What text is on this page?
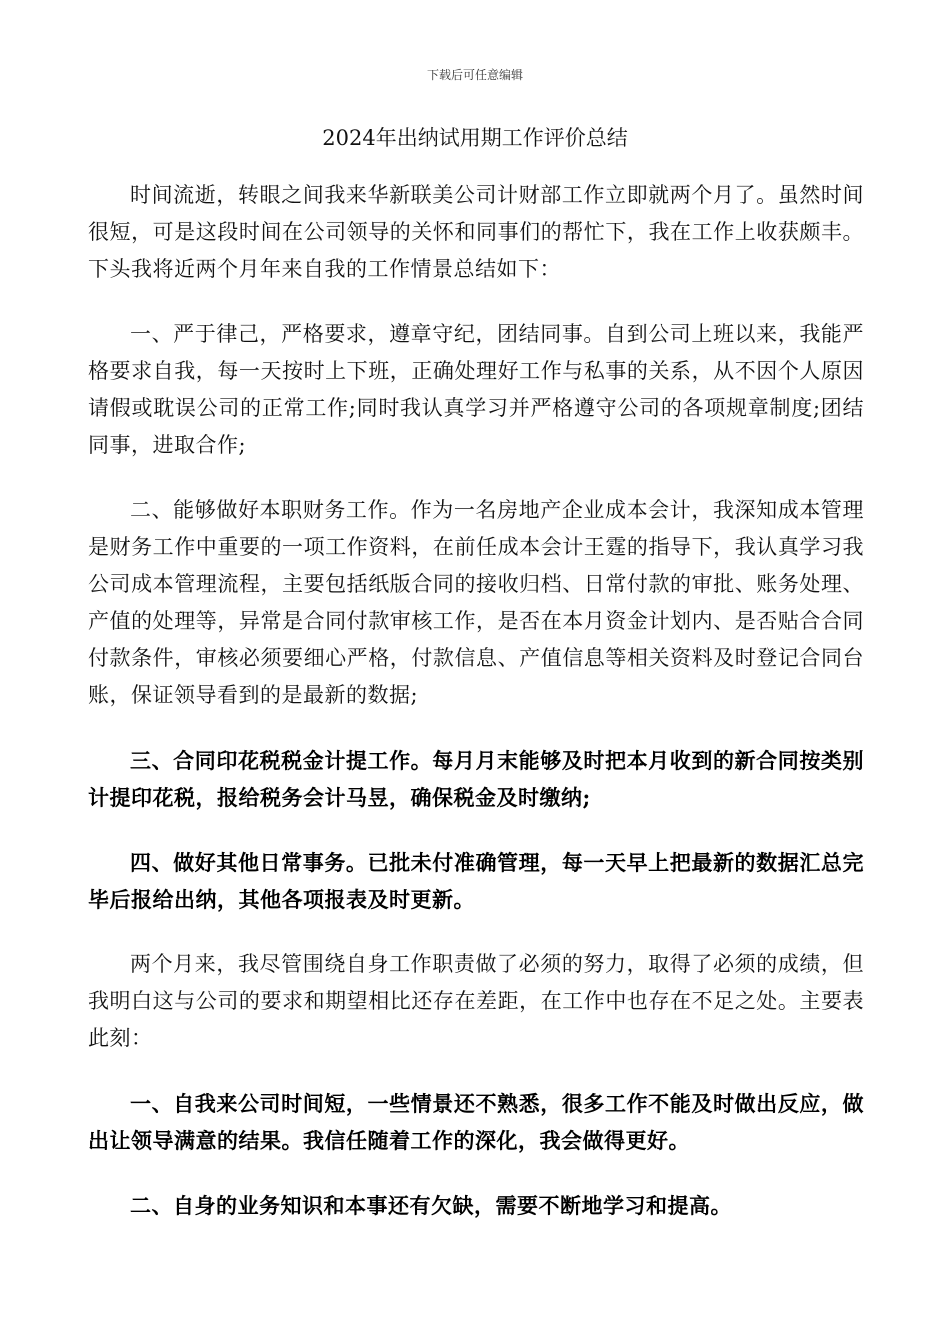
下载后可任意编辑
2024年出纳试用期工作评价总结

时间流逝，转眼之间我来华新联美公司计财部工作立即就两个月了。虽然时间很短，可是这段时间在公司领导的关怀和同事们的帮忙下，我在工作上收获颇丰。下头我将近两个月年来自我的工作情景总结如下：

一、严于律己，严格要求，遵章守纪，团结同事。自到公司上班以来，我能严格要求自我，每一天按时上下班，正确处理好工作与私事的关系，从不因个人原因请假或耽误公司的正常工作;同时我认真学习并严格遵守公司的各项规章制度;团结同事，进取合作;

二、能够做好本职财务工作。作为一名房地产企业成本会计，我深知成本管理是财务工作中重要的一项工作资料，在前任成本会计王霆的指导下，我认真学习我公司成本管理流程，主要包括纸版合同的接收归档、日常付款的审批、账务处理、产值的处理等，异常是合同付款审核工作，是否在本月资金计划内、是否贴合合同付款条件，审核必须要细心严格，付款信息、产值信息等相关资料及时登记合同台账，保证领导看到的是最新的数据;

三、合同印花税税金计提工作。每月月末能够及时把本月收到的新合同按类别计提印花税，报给税务会计马昱，确保税金及时缴纳;

四、做好其他日常事务。已批未付准确管理，每一天早上把最新的数据汇总完毕后报给出纳，其他各项报表及时更新。

两个月来，我尽管围绕自身工作职责做了必须的努力，取得了必须的成绩，但我明白这与公司的要求和期望相比还存在差距，在工作中也存在不足之处。主要表此刻：

一、自我来公司时间短，一些情景还不熟悉，很多工作不能及时做出反应，做出让领导满意的结果。我信任随着工作的深化，我会做得更好。

二、自身的业务知识和本事还有欠缺，需要不断地学习和提高。
